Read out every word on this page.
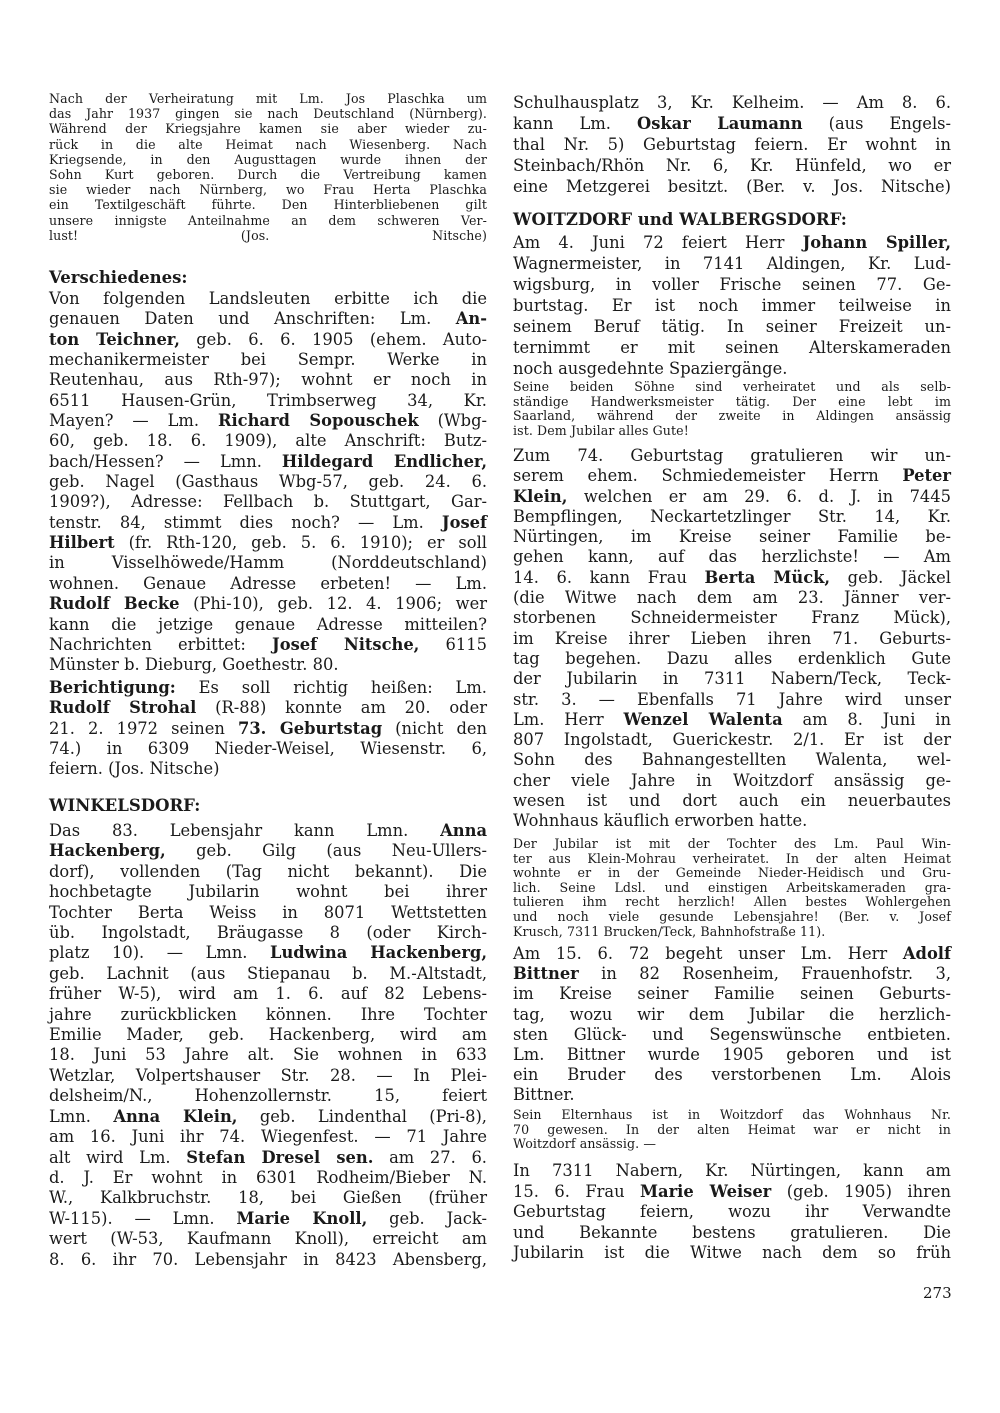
Nach der Verheiratung mit Lm. Jos Plaschka um
das Jahr 1937 gingen sie nach Deutschland (Nürnberg).
Während der Kriegsjahre kamen sie aber wieder zu-
rück in die alte Heimat nach Wiesenberg. Nach
Kriegsende, in den Augusttagen wurde ihnen der
Sohn Kurt geboren. Durch die Vertreibung kamen
sie wieder nach Nürnberg, wo Frau Herta Plaschka
ein Textilgeschäft führte. Den Hinterbliebenen gilt
unsere innigste Anteilnahme an dem schweren Ver-
lust! (Jos. Nitsche)
Verschiedenes:
Von folgenden Landsleuten erbitte ich die
genauen Daten und Anschriften: Lm. An-
ton Teichner, geb. 6. 6. 1905 (ehem. Auto-
mechanikermeister bei Sempr. Werke in
Reutenhau, aus Rth-97); wohnt er noch in
6511 Hausen-Grün, Trimbserweg 34, Kr.
Mayen? — Lm. Richard Sopouschek (Wbg-
60, geb. 18. 6. 1909), alte Anschrift: Butz-
bach/Hessen? — Lmn. Hildegard Endlicher,
geb. Nagel (Gasthaus Wbg-57, geb. 24. 6.
1909?), Adresse: Fellbach b. Stuttgart, Gar-
tenstr. 84, stimmt dies noch? — Lm. Josef
Hilbert (fr. Rth-120, geb. 5. 6. 1910); er soll
in Visselhöwede/Hamm (Norddeutschland)
wohnen. Genaue Adresse erbeten! — Lm.
Rudolf Becke (Phi-10), geb. 12. 4. 1906; wer
kann die jetzige genaue Adresse mitteilen?
Nachrichten erbittet: Josef Nitsche, 6115
Münster b. Dieburg, Goethestr. 80.
Berichtigung: Es soll richtig heißen: Lm.
Rudolf Strohal (R-88) konnte am 20. oder
21. 2. 1972 seinen 73. Geburtstag (nicht den
74.) in 6309 Nieder-Weisel, Wiesenstr. 6,
feiern. (Jos. Nitsche)
WINKELSDORF:
Das 83. Lebensjahr kann Lmn. Anna
Hackenberg, geb. Gilg (aus Neu-Ullers-
dorf), vollenden (Tag nicht bekannt). Die
hochbetagte Jubilarin wohnt bei ihrer
Tochter Berta Weiss in 8071 Wettstetten
üb. Ingolstadt, Bräugasse 8 (oder Kirch-
platz 10). — Lmn. Ludwina Hackenberg,
geb. Lachnit (aus Stiepanau b. M.-Altstadt,
früher W-5), wird am 1. 6. auf 82 Lebens-
jahre zurückblicken können. Ihre Tochter
Emilie Mader, geb. Hackenberg, wird am
18. Juni 53 Jahre alt. Sie wohnen in 633
Wetzlar, Volpertshauser Str. 28. — In Plei-
delsheim/N., Hohenzollernstr. 15, feiert
Lmn. Anna Klein, geb. Lindenthal (Pri-8),
am 16. Juni ihr 74. Wiegenfest. — 71 Jahre
alt wird Lm. Stefan Dresel sen. am 27. 6.
d. J. Er wohnt in 6301 Rodheim/Bieber N.
W., Kalkbruchstr. 18, bei Gießen (früher
W-115). — Lmn. Marie Knoll, geb. Jack-
wert (W-53, Kaufmann Knoll), erreicht am
8. 6. ihr 70. Lebensjahr in 8423 Abensberg,
Schulhausplatz 3, Kr. Kelheim. — Am 8. 6.
kann Lm. Oskar Laumann (aus Engels-
thal Nr. 5) Geburtstag feiern. Er wohnt in
Steinbach/Rhön Nr. 6, Kr. Hünfeld, wo er
eine Metzgerei besitzt. (Ber. v. Jos. Nitsche)
WOITZDORF und WALBERGSDORF:
Am 4. Juni 72 feiert Herr Johann Spiller,
Wagnermeister, in 7141 Aldingen, Kr. Lud-
wigsburg, in voller Frische seinen 77. Ge-
burtstag. Er ist noch immer teilweise in
seinem Beruf tätig. In seiner Freizeit un-
ternimmt er mit seinen Alterskameraden
noch ausgedehnte Spaziergänge.
Seine beiden Söhne sind verheiratet und als selb-
ständige Handwerksmeister tätig. Der eine lebt im
Saarland, während der zweite in Aldingen ansässig
ist. Dem Jubilar alles Gute!
Zum 74. Geburtstag gratulieren wir un-
serem ehem. Schmiedemeister Herrn Peter
Klein, welchen er am 29. 6. d. J. in 7445
Bempflingen, Neckartetzlinger Str. 14, Kr.
Nürtingen, im Kreise seiner Familie be-
gehen kann, auf das herzlichste! — Am
14. 6. kann Frau Berta Mück, geb. Jäckel
(die Witwe nach dem am 23. Jänner ver-
storbenen Schneidermeister Franz Mück),
im Kreise ihrer Lieben ihren 71. Geburts-
tag begehen. Dazu alles erdenklich Gute
der Jubilarin in 7311 Nabern/Teck, Teck-
str. 3. — Ebenfalls 71 Jahre wird unser
Lm. Herr Wenzel Walenta am 8. Juni in
807 Ingolstadt, Guerickestr. 2/1. Er ist der
Sohn des Bahnangestellten Walenta, wel-
cher viele Jahre in Woitzdorf ansässig ge-
wesen ist und dort auch ein neuerbautes
Wohnhaus käuflich erworben hatte.
Der Jubilar ist mit der Tochter des Lm. Paul Win-
ter aus Klein-Mohrau verheiratet. In der alten Heimat
wohnte er in der Gemeinde Nieder-Heidisch und Gru-
lich. Seine Ldsl. und einstigen Arbeitskameraden gra-
tulieren ihm recht herzlich! Allen bestes Wohlergehen
und noch viele gesunde Lebensjahre! (Ber. v. Josef
Krusch, 7311 Brucken/Teck, Bahnhofstraße 11).
Am 15. 6. 72 begeht unser Lm. Herr Adolf
Bittner in 82 Rosenheim, Frauenhofstr. 3,
im Kreise seiner Familie seinen Geburts-
tag, wozu wir dem Jubilar die herzlich-
sten Glück- und Segenswünsche entbieten.
Lm. Bittner wurde 1905 geboren und ist
ein Bruder des verstorbenen Lm. Alois
Bittner.
Sein Elternhaus ist in Woitzdorf das Wohnhaus Nr.
70 gewesen. In der alten Heimat war er nicht in
Woitzdorf ansässig. —
In 7311 Nabern, Kr. Nürtingen, kann am
15. 6. Frau Marie Weiser (geb. 1905) ihren
Geburtstag feiern, wozu ihr Verwandte
und Bekannte bestens gratulieren. Die
Jubilarin ist die Witwe nach dem so früh
273
